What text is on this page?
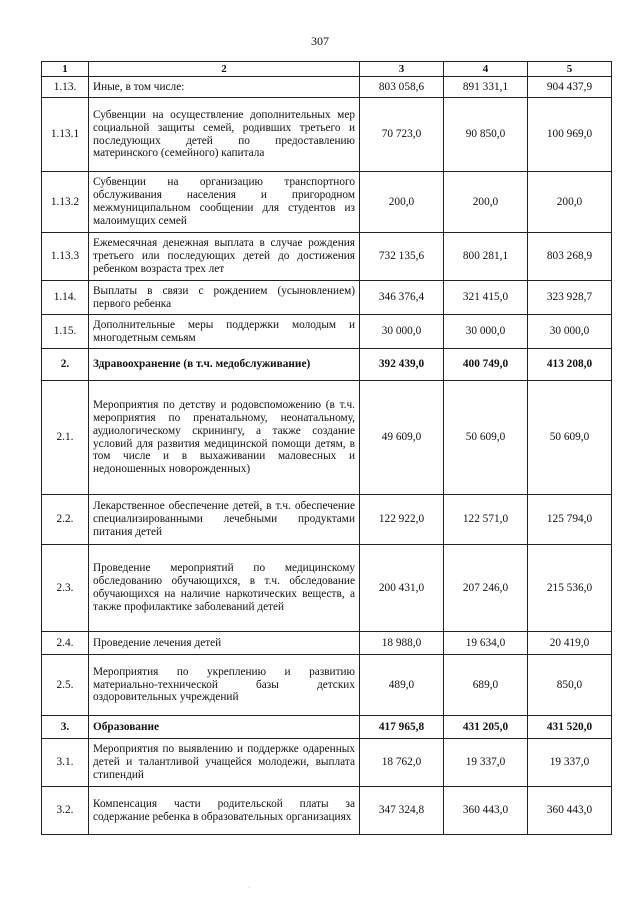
307
1	2	3	4	5
1.13.	Иные, в том числе:	803 058,6	891 331,1	904 437,9
1.13.1	Субвенции на осуществление дополнительных мер социальной защиты семей, родивших третьего и последующих детей по предоставлению материнского (семейного) капитала	70 723,0	90 850,0	100 969,0
1.13.2	Субвенции на организацию транспортного обслуживания населения и пригородном межмуниципальном сообщении для студентов из малоимущих семей	200,0	200,0	200,0
1.13.3	Ежемесячная денежная выплата в случае рождения третьего или последующих детей до достижения ребенком возраста трех лет	732 135,6	800 281,1	803 268,9
1.14.	Выплаты в связи с рождением (усыновлением) первого ребенка	346 376,4	321 415,0	323 928,7
1.15.	Дополнительные меры поддержки молодым и многодетным семьям	30 000,0	30 000,0	30 000,0
2.	Здравоохранение (в т.ч. медобслуживание)	392 439,0	400 749,0	413 208,0
2.1.	Мероприятия по детству и родовспоможению (в т.ч. мероприятия по пренатальному, неонатальному, аудиологическому скринингу, а также создание условий для развития медицинской помощи детям, в том числе и в выхаживании маловесных и недоношенных новорожденных)	49 609,0	50 609,0	50 609,0
2.2.	Лекарственное обеспечение детей, в т.ч. обеспечение специализированными лечебными продуктами питания детей	122 922,0	122 571,0	125 794,0
2.3.	Проведение мероприятий по медицинскому обследованию обучающихся, в т.ч. обследование обучающихся на наличие наркотических веществ, а также профилактике заболеваний детей	200 431,0	207 246,0	215 536,0
2.4.	Проведение лечения детей	18 988,0	19 634,0	20 419,0
2.5.	Мероприятия по укреплению и развитию материально-технической базы детских оздоровительных учреждений	489,0	689,0	850,0
3.	Образование	417 965,8	431 205,0	431 520,0
3.1.	Мероприятия по выявлению и поддержке одаренных детей и талантливой учащейся молодежи, выплата стипендий	18 762,0	19 337,0	19 337,0
3.2.	Компенсация части родительской платы за содержание ребенка в образовательных организациях	347 324,8	360 443,0	360 443,0
·
